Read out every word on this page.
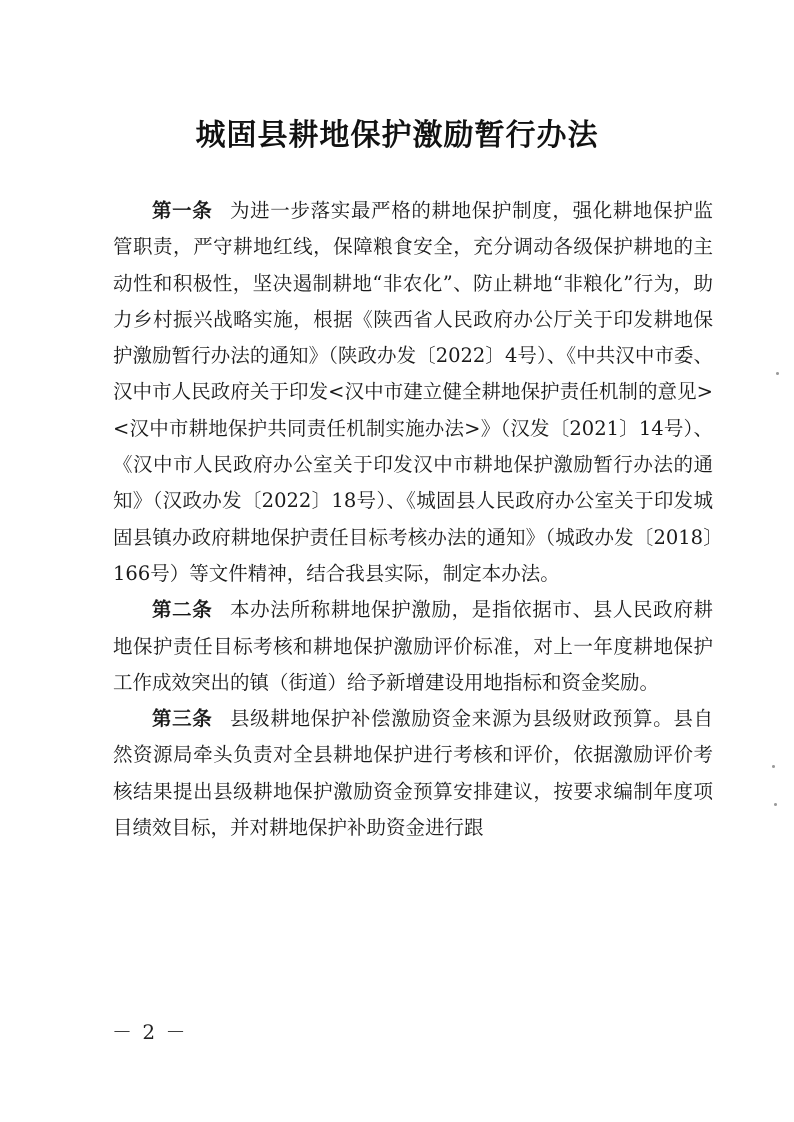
城固县耕地保护激励暂行办法

第一条 为进一步落实最严格的耕地保护制度，强化耕地保护监管职责，严守耕地红线，保障粮食安全，充分调动各级保护耕地的主动性和积极性，坚决遏制耕地“非农化”、防止耕地“非粮化”行为，助力乡村振兴战略实施，根据《陕西省人民政府办公厅关于印发耕地保护激励暂行办法的通知》（陕政办发〔2022〕4号）、《中共汉中市委、汉中市人民政府关于印发<汉中市建立健全耕地保护责任机制的意见><汉中市耕地保护共同责任机制实施办法>》（汉发〔2021〕14号）、《汉中市人民政府办公室关于印发汉中市耕地保护激励暂行办法的通知》（汉政办发〔2022〕18号）、《城固县人民政府办公室关于印发城固县镇办政府耕地保护责任目标考核办法的通知》（城政办发〔2018〕166号）等文件精神，结合我县实际，制定本办法。

第二条 本办法所称耕地保护激励，是指依据市、县人民政府耕地保护责任目标考核和耕地保护激励评价标准，对上一年度耕地保护工作成效突出的镇（街道）给予新增建设用地指标和资金奖励。

第三条 县级耕地保护补偿激励资金来源为县级财政预算。县自然资源局牵头负责对全县耕地保护进行考核和评价，依据激励评价考核结果提出县级耕地保护激励资金预算安排建议，按要求编制年度项目绩效目标，并对耕地保护补助资金进行跟

－ 2 －
